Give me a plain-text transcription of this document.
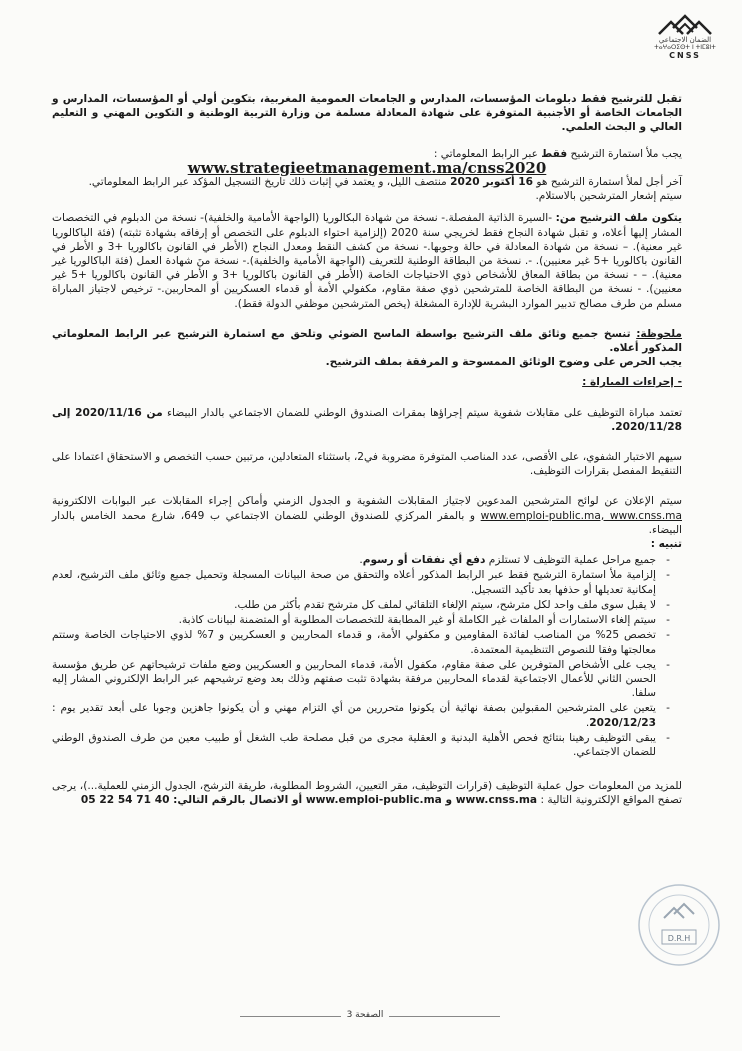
الضمان الاجتماعي
ⵜⴰⵖⴰⵔⵉⵙⵜ ⵏ ⵜⵏⵎⵓⵏⵜ
CNSS

تقبل للترشيح فقط دبلومات المؤسسات، المدارس و الجامعات العمومية المغربية، بتكوين أولي أو المؤسسات، المدارس و الجامعات الخاصة أو الأجنبية المتوفرة على شهادة المعادلة مسلمة من وزارة التربية الوطنية و التكوين المهني و التعليم العالي و البحث العلمي.

يجب ملأ استمارة الترشيح فقط عبر الرابط المعلوماتي :

www.strategieetmanagement.ma/cnss2020

آخر أجل لملأ استمارة الترشيح هو 16 أكتوبر 2020 منتصف الليل، و يعتمد في إثبات ذلك تاريخ التسجيل المؤكد عبر الرابط المعلوماتي.

سيتم إشعار المترشحين بالاستلام.

يتكون ملف الترشيح من: -السيرة الذاتية المفصلة.- نسخة من شهادة البكالوريا (الواجهة الأمامية والخلفية)- نسخة من الدبلوم في التخصصات المشار إليها أعلاه، و تقبل شهادة النجاح فقط لخريجي سنة 2020 (إلزامية احتواء الدبلوم على التخصص أو إرفاقه بشهادة تثبته) (فئة الباكالوريا غير معنية). – نسخة من شهادة المعادلة في حالة وجوبها.- نسخة من كشف النقط ومعدل النجاح (الأطر في القانون باكالوريا +3 و الأطر في القانون باكالوريا +5 غير معنيين). -. نسخة من البطاقة الوطنية للتعريف (الواجهة الأمامية والخلفية).- نسخة منَ شهادة العمل (فئة الباكالوريا غير معنية). – - نسخة من بطاقة المعاق للأشخاص ذوي الاحتياجات الخاصة (الأطر في القانون باكالوريا +3 و الأطر في القانون باكالوريا +5 غير معنيين). - نسخة من البطاقة الخاصة للمترشحين ذوي صفة مقاوم، مكفولي الأمة أو قدماء العسكريين أو المحاربين.- ترخيص لاجتياز المباراة مسلم من طرف مصالح تدبير الموارد البشرية للإدارة المشغلة (يخص المترشحين موظفي الدولة فقط).

ملحوظة: تنسخ جميع وثائق ملف الترشيح بواسطة الماسح الضوئي وتلحق مع استمارة الترشيح عبر الرابط المعلوماتي المذكور أعلاه.

يجب الحرص على وضوح الوثائق الممسوحة و المرفقة بملف الترشيح.

- إجراءات المباراة :

تعتمد مباراة التوظيف على مقابلات شفوية سيتم إجراؤها بمقرات الصندوق الوطني للضمان الاجتماعي بالدار البيضاء من 2020/11/16 إلى 2020/11/28.

سيهم الاختبار الشفوي، على الأقصى، عدد المناصب المتوفرة مضروبة في2، باستثناء المتعادلين، مرتبين حسب التخصص و الاستحقاق اعتمادا على التنقيط المفصل بقرارات التوظيف.

سيتم الإعلان عن لوائح المترشحين المدعوين لاجتياز المقابلات الشفوية و الجدول الزمني وأماكن إجراء المقابلات عبر البوابات الالكترونية www.emploi-public.ma, www.cnss.ma و بالمقر المركزي للصندوق الوطني للضمان الاجتماعي ب 649، شارع محمد الخامس بالدار البيضاء.

تنبيه :

- جميع مراحل عملية التوظيف لا تستلزم دفع أي نفقات أو رسوم.
- إلزامية ملأ استمارة الترشيح فقط عبر الرابط المذكور أعلاه والتحقق من صحة البيانات المسجلة وتحميل جميع وثائق ملف الترشيح، لعدم إمكانية تعديلها أو حذفها بعد تأكيد التسجيل.
- لا يقبل سوى ملف واحد لكل مترشح، سيتم الإلغاء التلقائي لملف كل مترشح تقدم بأكثر من طلب.
- سيتم إلغاء الاستمارات أو الملفات غير الكاملة أو غير المطابقة للتخصصات المطلوبة أو المتضمنة لبيانات كاذبة.
- تخصص 25% من المناصب لفائدة المقاومين و مكفولي الأمة، و قدماء المحاربين و العسكريين و 7% لذوي الاحتياجات الخاصة وستتم معالجتها وفقا للنصوص التنظيمية المعتمدة.
- يجب على الأشخاص المتوفرين على صفة مقاوم، مكفول الأمة، قدماء المحاربين و العسكريين وضع ملفات ترشيحاتهم عن طريق مؤسسة الحسن الثاني للأعمال الاجتماعية لقدماء المحاربين مرفقة بشهادة تثبت صفتهم وذلك بعد وضع ترشيحهم عبر الرابط الإلكتروني المشار إليه سلفا.
- يتعين على المترشحين المقبولين بصفة نهائية أن يكونوا متحررين من أي التزام مهني و أن يكونوا جاهزين وجوبا على أبعد تقدير يوم : 2020/12/23.
- يبقى التوظيف رهينا بنتائج فحص الأهلية البدنية و العقلية مجرى من قبل مصلحة طب الشغل أو طبيب معين من طرف الصندوق الوطني للضمان الاجتماعي.

للمزيد من المعلومات حول عملية التوظيف (قرارات التوظيف، مقر التعيين، الشروط المطلوبة، طريقة الترشح، الجدول الزمني للعملية...)، يرجى تصفح المواقع الإلكترونية التالية : www.cnss.ma و www.emploi-public.ma أو الاتصال بالرقم التالي: 40 71 54 22 05

D.R.H
الصفحة 3
